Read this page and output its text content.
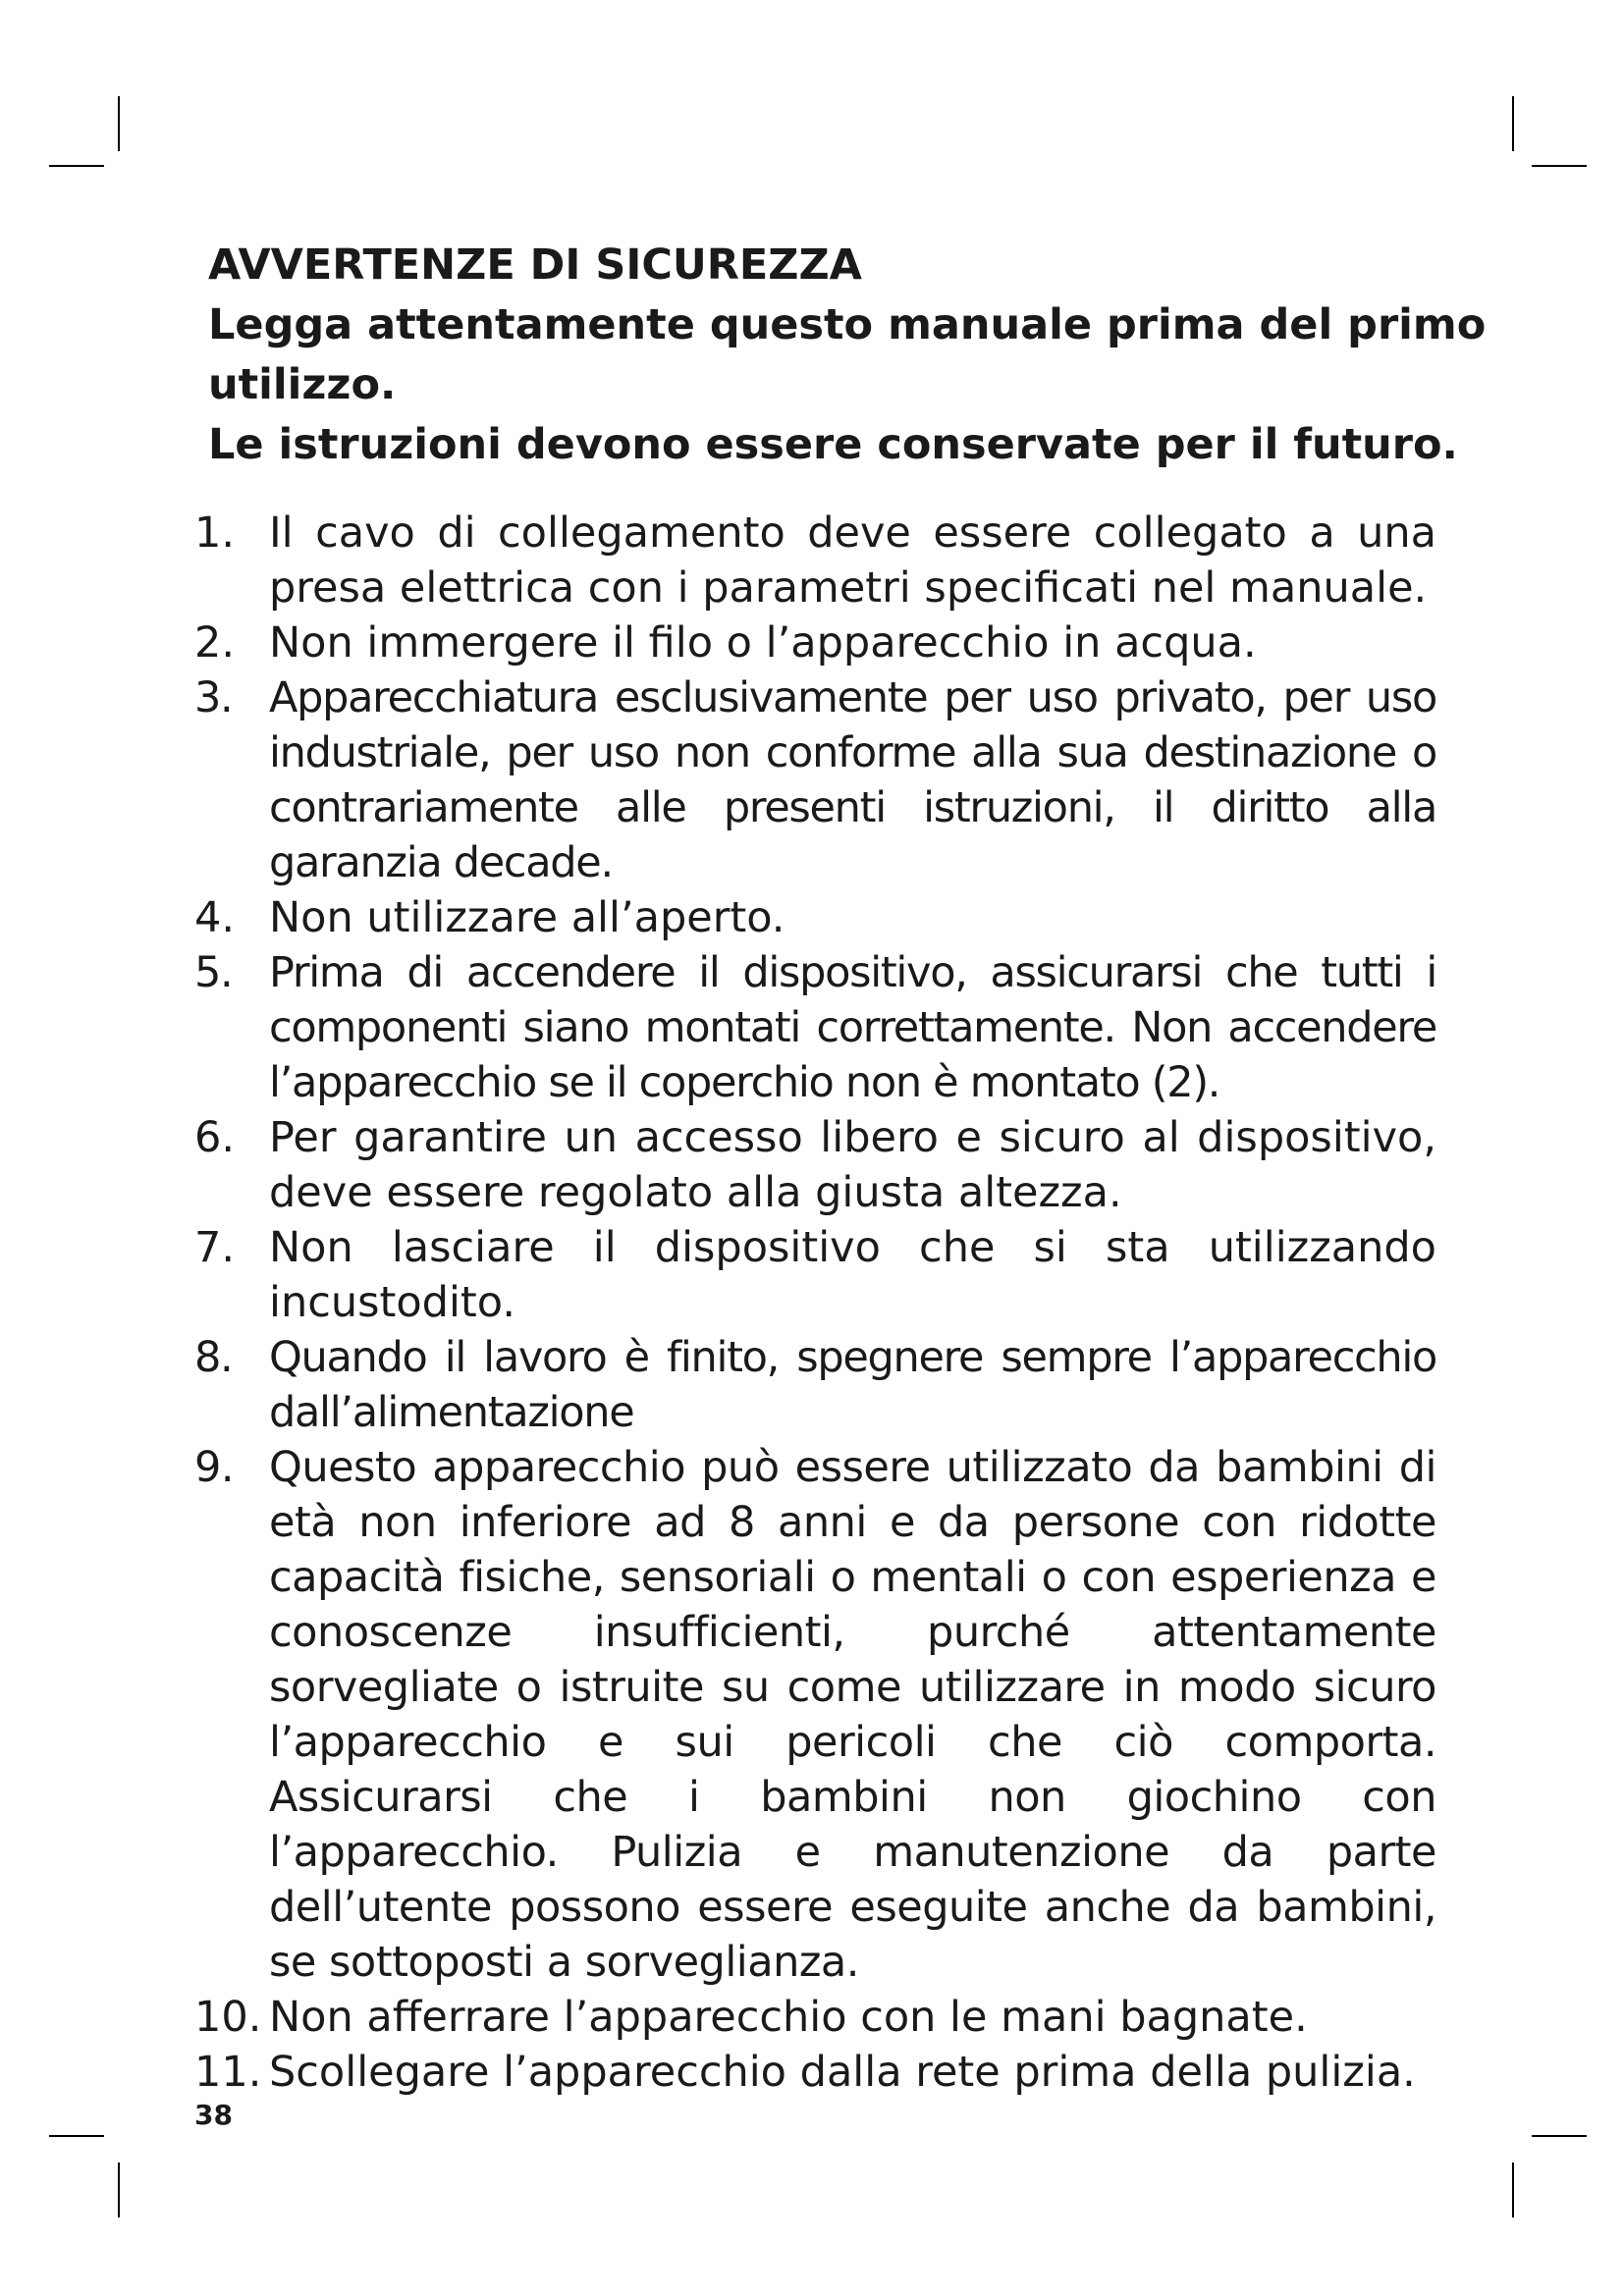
AVVERTENZE DI SICUREZZA
Legga attentamente questo manuale prima del primo
utilizzo.
Le istruzioni devono essere conservate per il futuro.
1. Il cavo di collegamento deve essere collegato a una presa elettrica con i parametri specificati nel manuale.
2. Non immergere il filo o l’apparecchio in acqua.
3. Apparecchiatura esclusivamente per uso privato, per uso industriale, per uso non conforme alla sua destinazione o contrariamente alle presenti istruzioni, il diritto alla garanzia decade.
4. Non utilizzare all’aperto.
5. Prima di accendere il dispositivo, assicurarsi che tutti i componenti siano montati correttamente. Non accendere l’apparecchio se il coperchio non è montato (2).
6. Per garantire un accesso libero e sicuro al dispositivo, deve essere regolato alla giusta altezza.
7. Non lasciare il dispositivo che si sta utilizzando incustodito.
8. Quando il lavoro è finito, spegnere sempre l’apparecchio dall’alimentazione
9. Questo apparecchio può essere utilizzato da bambini di età non inferiore ad 8 anni e da persone con ridotte capacità fisiche, sensoriali o mentali o con esperienza e conoscenze insufficienti, purché attentamente sorvegliate o istruite su come utilizzare in modo sicuro l’apparecchio e sui pericoli che ciò comporta. Assicurarsi che i bambini non giochino con l’apparecchio. Pulizia e manutenzione da parte dell’utente possono essere eseguite anche da bambini, se sottoposti a sorveglianza.
10. Non afferrare l’apparecchio con le mani bagnate.
11. Scollegare l’apparecchio dalla rete prima della pulizia.
38
